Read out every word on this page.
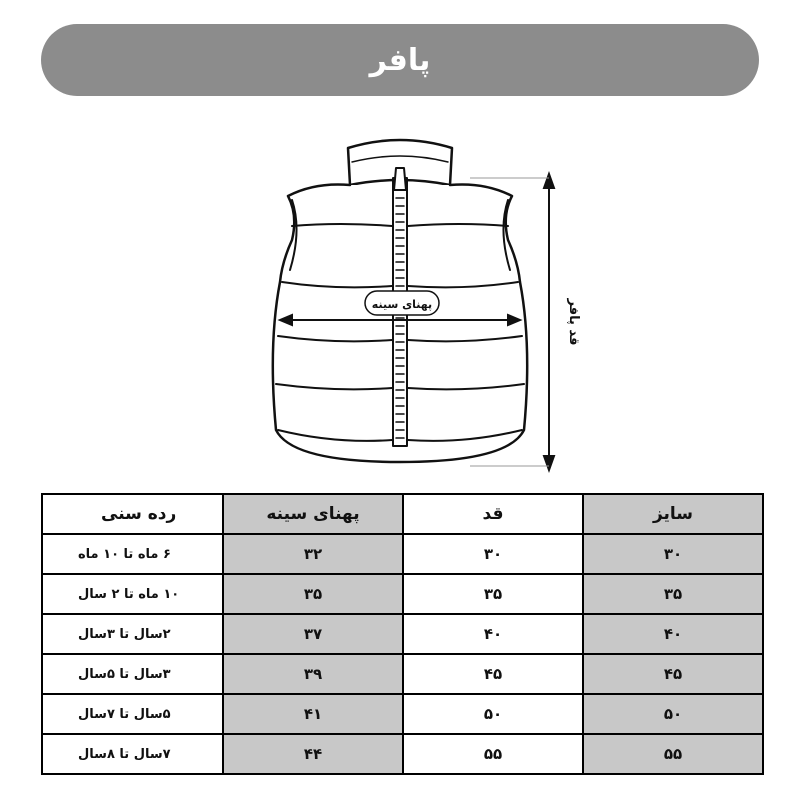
پافر
پهنای سینه	قد پافر
سایز	قد	پهنای سینه	رده سنی
۳۰	۳۰	۳۲	۶ ماه تا ۱۰ ماه
۳۵	۳۵	۳۵	۱۰ ماه تا ۲ سال
۴۰	۴۰	۳۷	۲سال تا ۳سال
۴۵	۴۵	۳۹	۳سال تا ۵سال
۵۰	۵۰	۴۱	۵سال تا ۷سال
۵۵	۵۵	۴۴	۷سال تا ۸سال
